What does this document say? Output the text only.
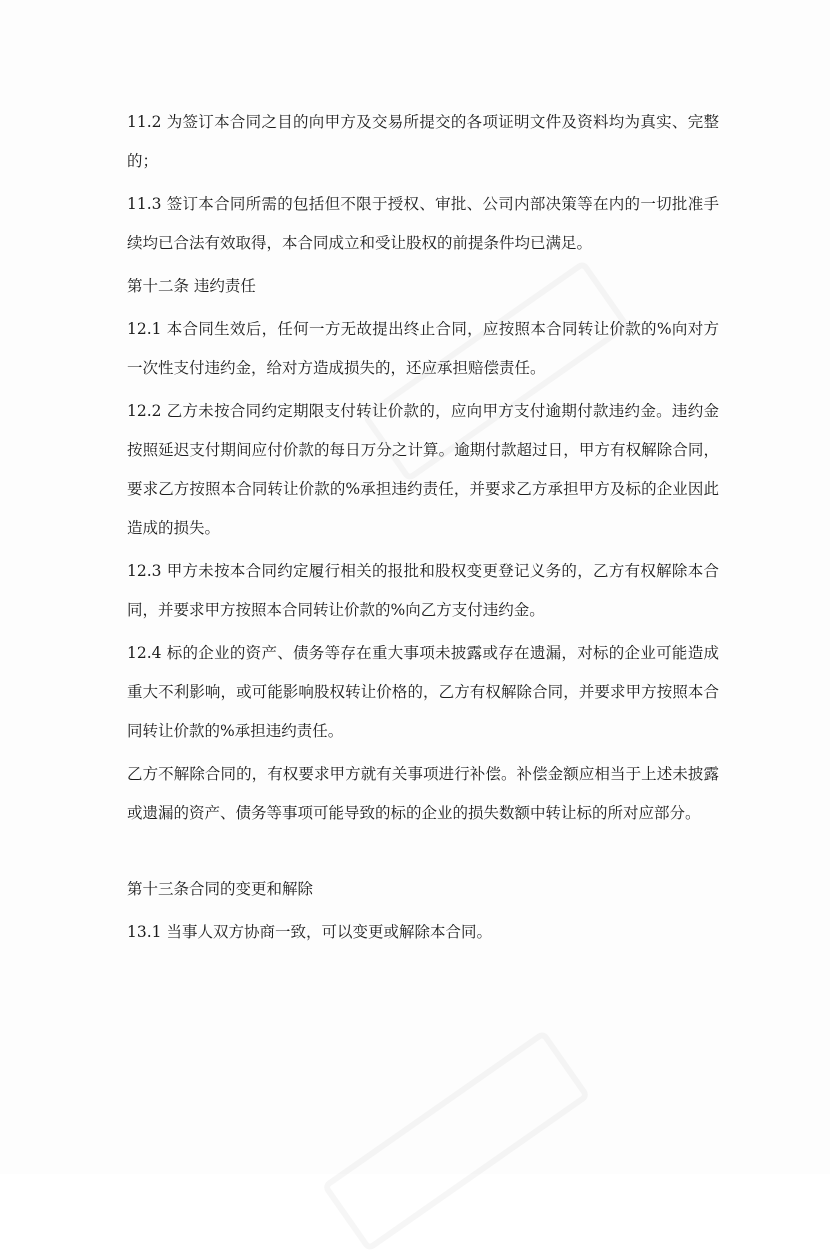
11.2 为签订本合同之目的向甲方及交易所提交的各项证明文件及资料均为真实、完整的；

11.3 签订本合同所需的包括但不限于授权、审批、公司内部决策等在内的一切批准手续均已合法有效取得，本合同成立和受让股权的前提条件均已满足。

第十二条 违约责任

12.1 本合同生效后，任何一方无故提出终止合同，应按照本合同转让价款的%向对方一次性支付违约金，给对方造成损失的，还应承担赔偿责任。

12.2 乙方未按合同约定期限支付转让价款的，应向甲方支付逾期付款违约金。违约金按照延迟支付期间应付价款的每日万分之计算。逾期付款超过日，甲方有权解除合同，要求乙方按照本合同转让价款的%承担违约责任，并要求乙方承担甲方及标的企业因此造成的损失。

12.3 甲方未按本合同约定履行相关的报批和股权变更登记义务的，乙方有权解除本合同，并要求甲方按照本合同转让价款的%向乙方支付违约金。

12.4 标的企业的资产、债务等存在重大事项未披露或存在遗漏，对标的企业可能造成重大不利影响，或可能影响股权转让价格的，乙方有权解除合同，并要求甲方按照本合同转让价款的%承担违约责任。

乙方不解除合同的，有权要求甲方就有关事项进行补偿。补偿金额应相当于上述未披露或遗漏的资产、债务等事项可能导致的标的企业的损失数额中转让标的所对应部分。

第十三条合同的变更和解除

13.1 当事人双方协商一致，可以变更或解除本合同。
